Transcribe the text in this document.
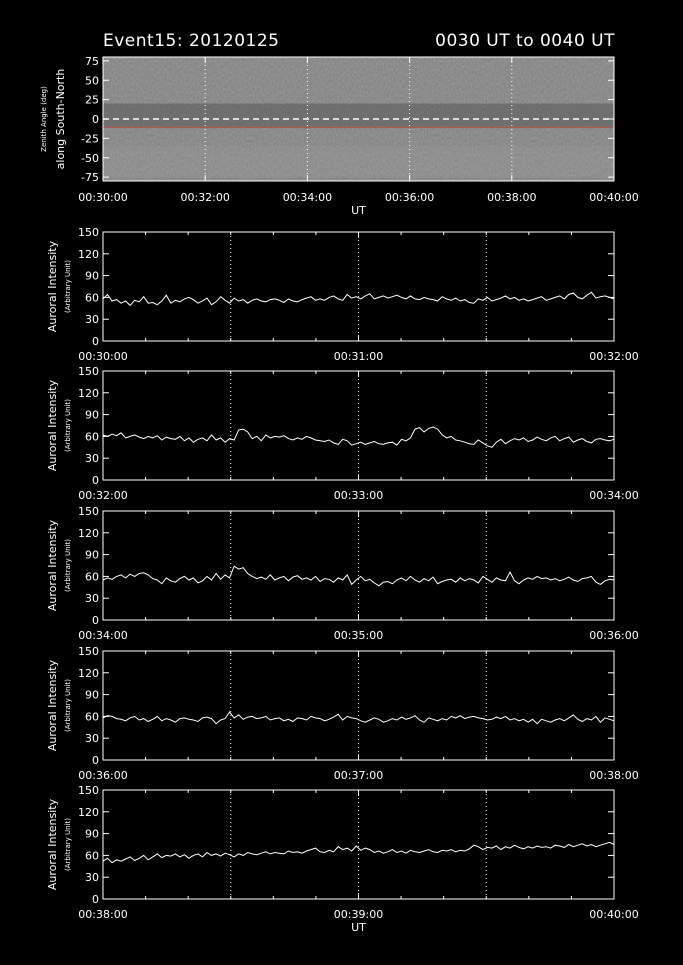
Event15: 20120125	0030 UT to 0040 UT
00:30:00	00:32:00	00:34:00	00:36:00	00:38:00	00:40:00
75
50
25
0
-25
-50
-75
Zenith Angle (deg) along South-North
UT
150
120
90
60
30
0
00:30:00	00:31:00	00:32:00
Auroral Intensity (Arbitrary Unit)
150
120
90
60
30
0
00:32:00	00:33:00	00:34:00
Auroral Intensity (Arbitrary Unit)
150
120
90
60
30
0
00:34:00	00:35:00	00:36:00
Auroral Intensity (Arbitrary Unit)
150
120
90
60
30
0
00:36:00	00:37:00	00:38:00
Auroral Intensity (Arbitrary Unit)
150
120
90
60
30
0
00:38:00	00:39:00	00:40:00
Auroral Intensity (Arbitrary Unit)
UT
